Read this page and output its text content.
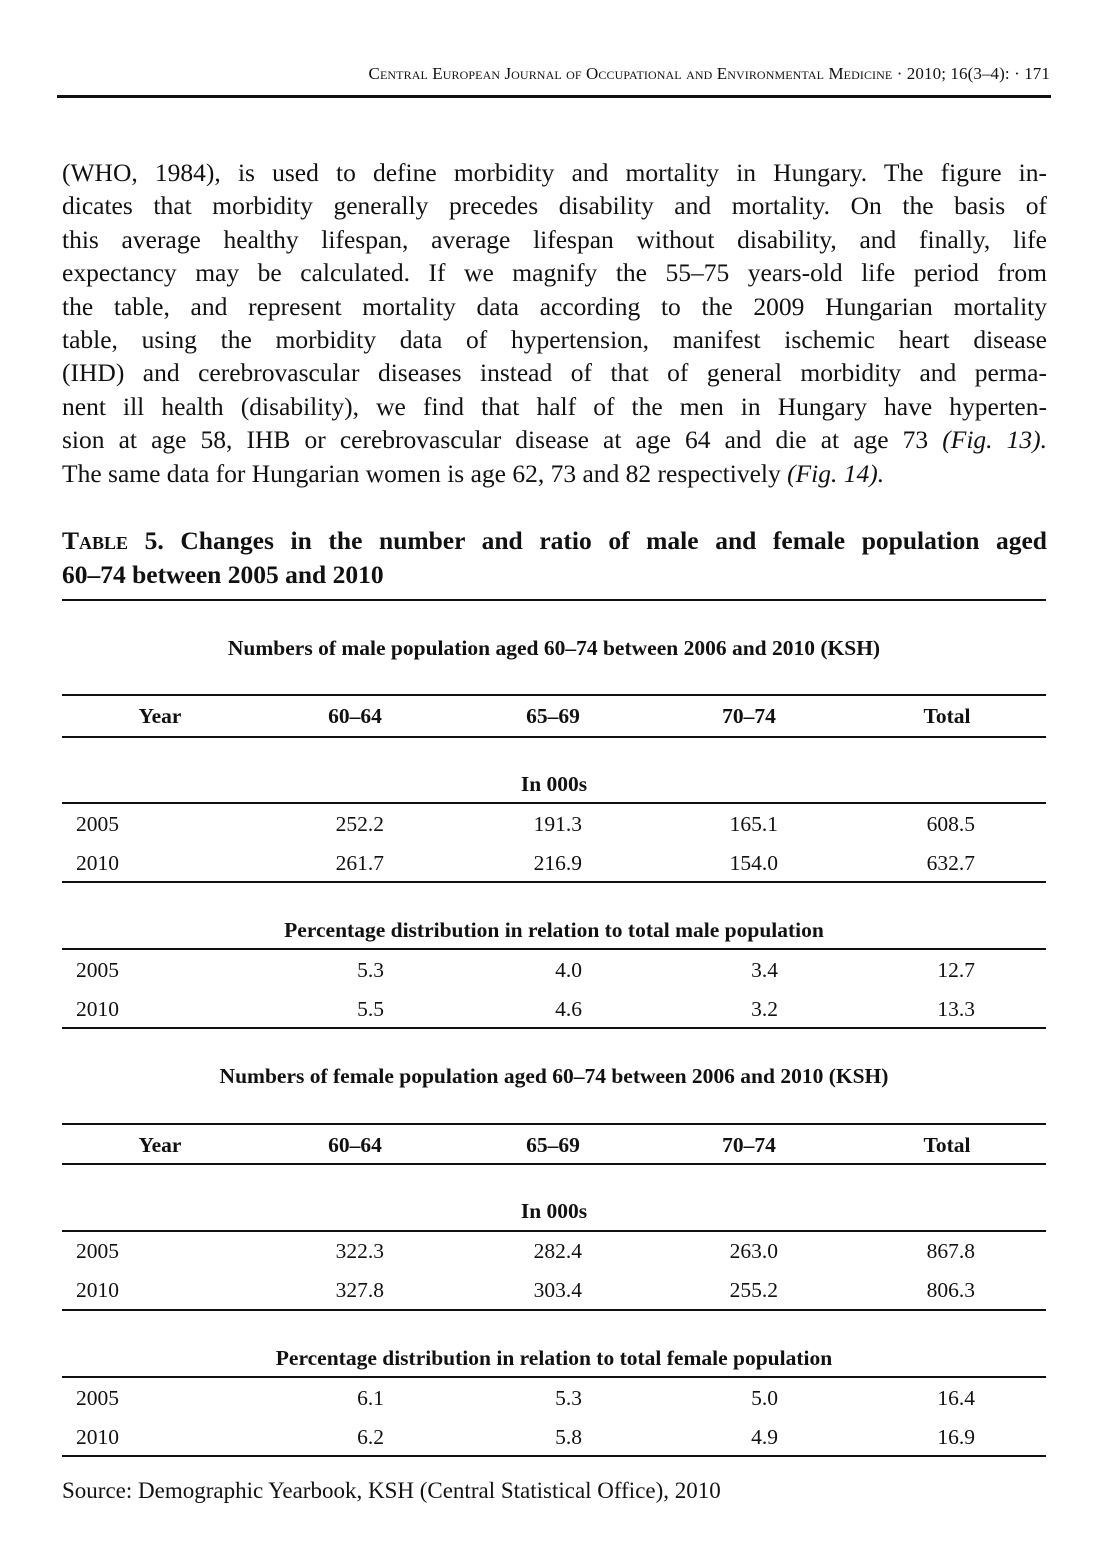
Central European Journal of Occupational and Environmental Medicine · 2010; 16(3–4): · 171
(WHO, 1984), is used to define morbidity and mortality in Hungary. The figure in-
dicates that morbidity generally precedes disability and mortality. On the basis of
this average healthy lifespan, average lifespan without disability, and finally, life
expectancy may be calculated. If we magnify the 55–75 years-old life period from
the table, and represent mortality data according to the 2009 Hungarian mortality
table, using the morbidity data of hypertension, manifest ischemic heart disease
(IHD) and cerebrovascular diseases instead of that of general morbidity and perma-
nent ill health (disability), we find that half of the men in Hungary have hyperten-
sion at age 58, IHB or cerebrovascular disease at age 64 and die at age 73 (Fig. 13).
The same data for Hungarian women is age 62, 73 and 82 respectively (Fig. 14).
Table 5. Changes in the number and ratio of male and female population aged
60–74 between 2005 and 2010
Numbers of male population aged 60–74 between 2006 and 2010 (KSH)
Year	60–64	65–69	70–74	Total
In 000s
2005	252.2	191.3	165.1	608.5
2010	261.7	216.9	154.0	632.7
Percentage distribution in relation to total male population
2005	5.3	4.0	3.4	12.7
2010	5.5	4.6	3.2	13.3
Numbers of female population aged 60–74 between 2006 and 2010 (KSH)
Year	60–64	65–69	70–74	Total
In 000s
2005	322.3	282.4	263.0	867.8
2010	327.8	303.4	255.2	806.3
Percentage distribution in relation to total female population
2005	6.1	5.3	5.0	16.4
2010	6.2	5.8	4.9	16.9
Source: Demographic Yearbook, KSH (Central Statistical Office), 2010
